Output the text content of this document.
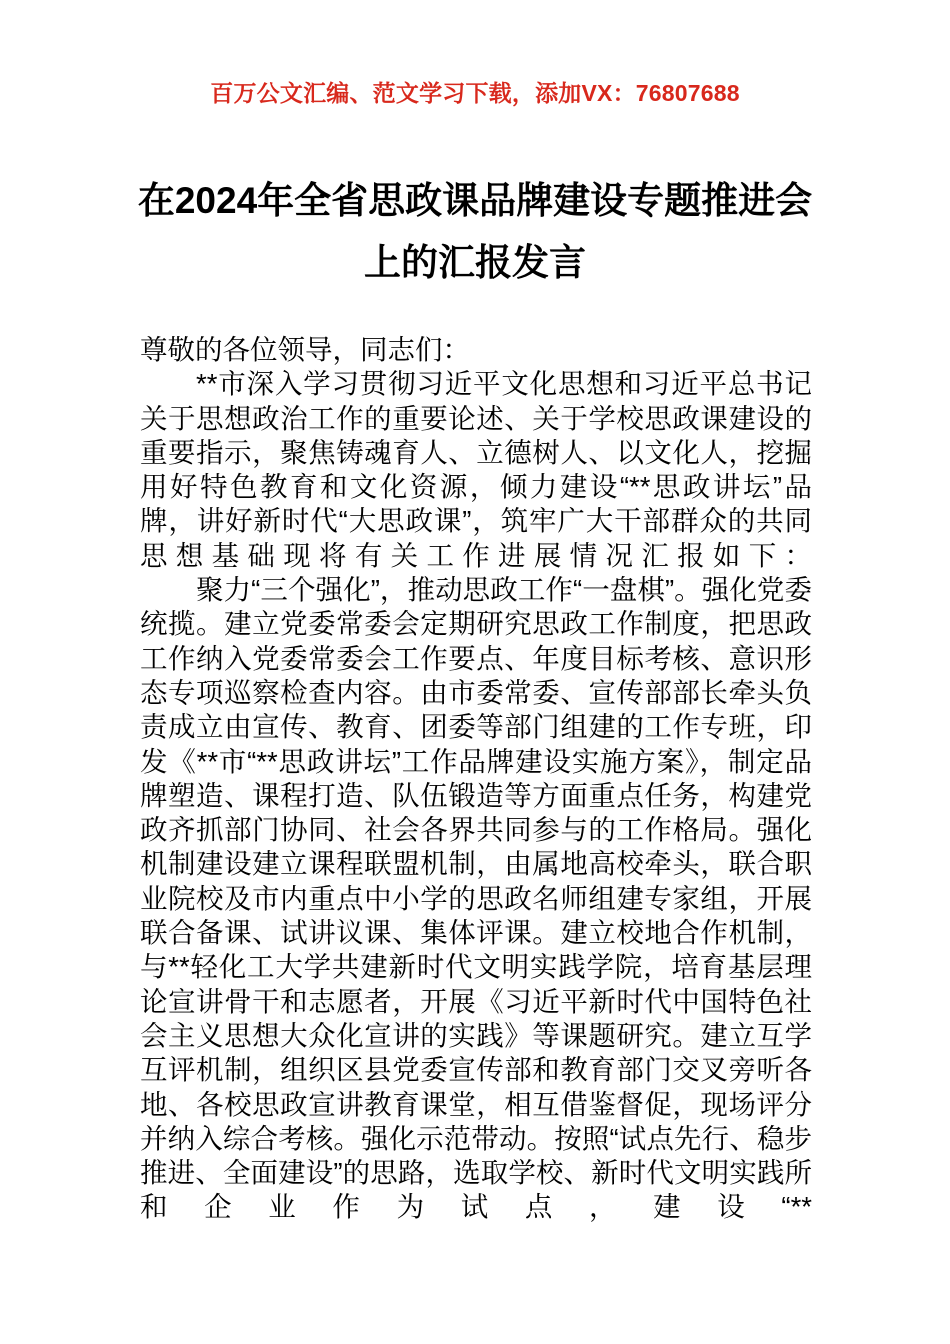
百万公文汇编、范文学习下载，添加VX：76807688
在2024年全省思政课品牌建设专题推进会
上的汇报发言

尊敬的各位领导，同志们：

**市深入学习贯彻习近平文化思想和习近平总书记关于思想政治工作的重要论述、关于学校思政课建设的重要指示，聚焦铸魂育人、立德树人、以文化人，挖掘用好特色教育和文化资源，倾力建设“**思政讲坛”品牌，讲好新时代“大思政课”，筑牢广大干部群众的共同思想基础现将有关工作进展情况汇报如下：

聚力“三个强化”，推动思政工作“一盘棋”。强化党委统揽。建立党委常委会定期研究思政工作制度，把思政工作纳入党委常委会工作要点、年度目标考核、意识形态专项巡察检查内容。由市委常委、宣传部部长牵头负责成立由宣传、教育、团委等部门组建的工作专班，印发《**市“**思政讲坛”工作品牌建设实施方案》，制定品牌塑造、课程打造、队伍锻造等方面重点任务，构建党政齐抓部门协同、社会各界共同参与的工作格局。强化机制建设建立课程联盟机制，由属地高校牵头，联合职业院校及市内重点中小学的思政名师组建专家组，开展联合备课、试讲议课、集体评课。建立校地合作机制，与**轻化工大学共建新时代文明实践学院，培育基层理论宣讲骨干和志愿者，开展《习近平新时代中国特色社会主义思想大众化宣讲的实践》等课题研究。建立互学互评机制，组织区县党委宣传部和教育部门交叉旁听各地、各校思政宣讲教育课堂，相互借鉴督促，现场评分并纳入综合考核。强化示范带动。按照“试点先行、稳步推进、全面建设”的思路，选取学校、新时代文明实践所和企业作为试点，建设“**
